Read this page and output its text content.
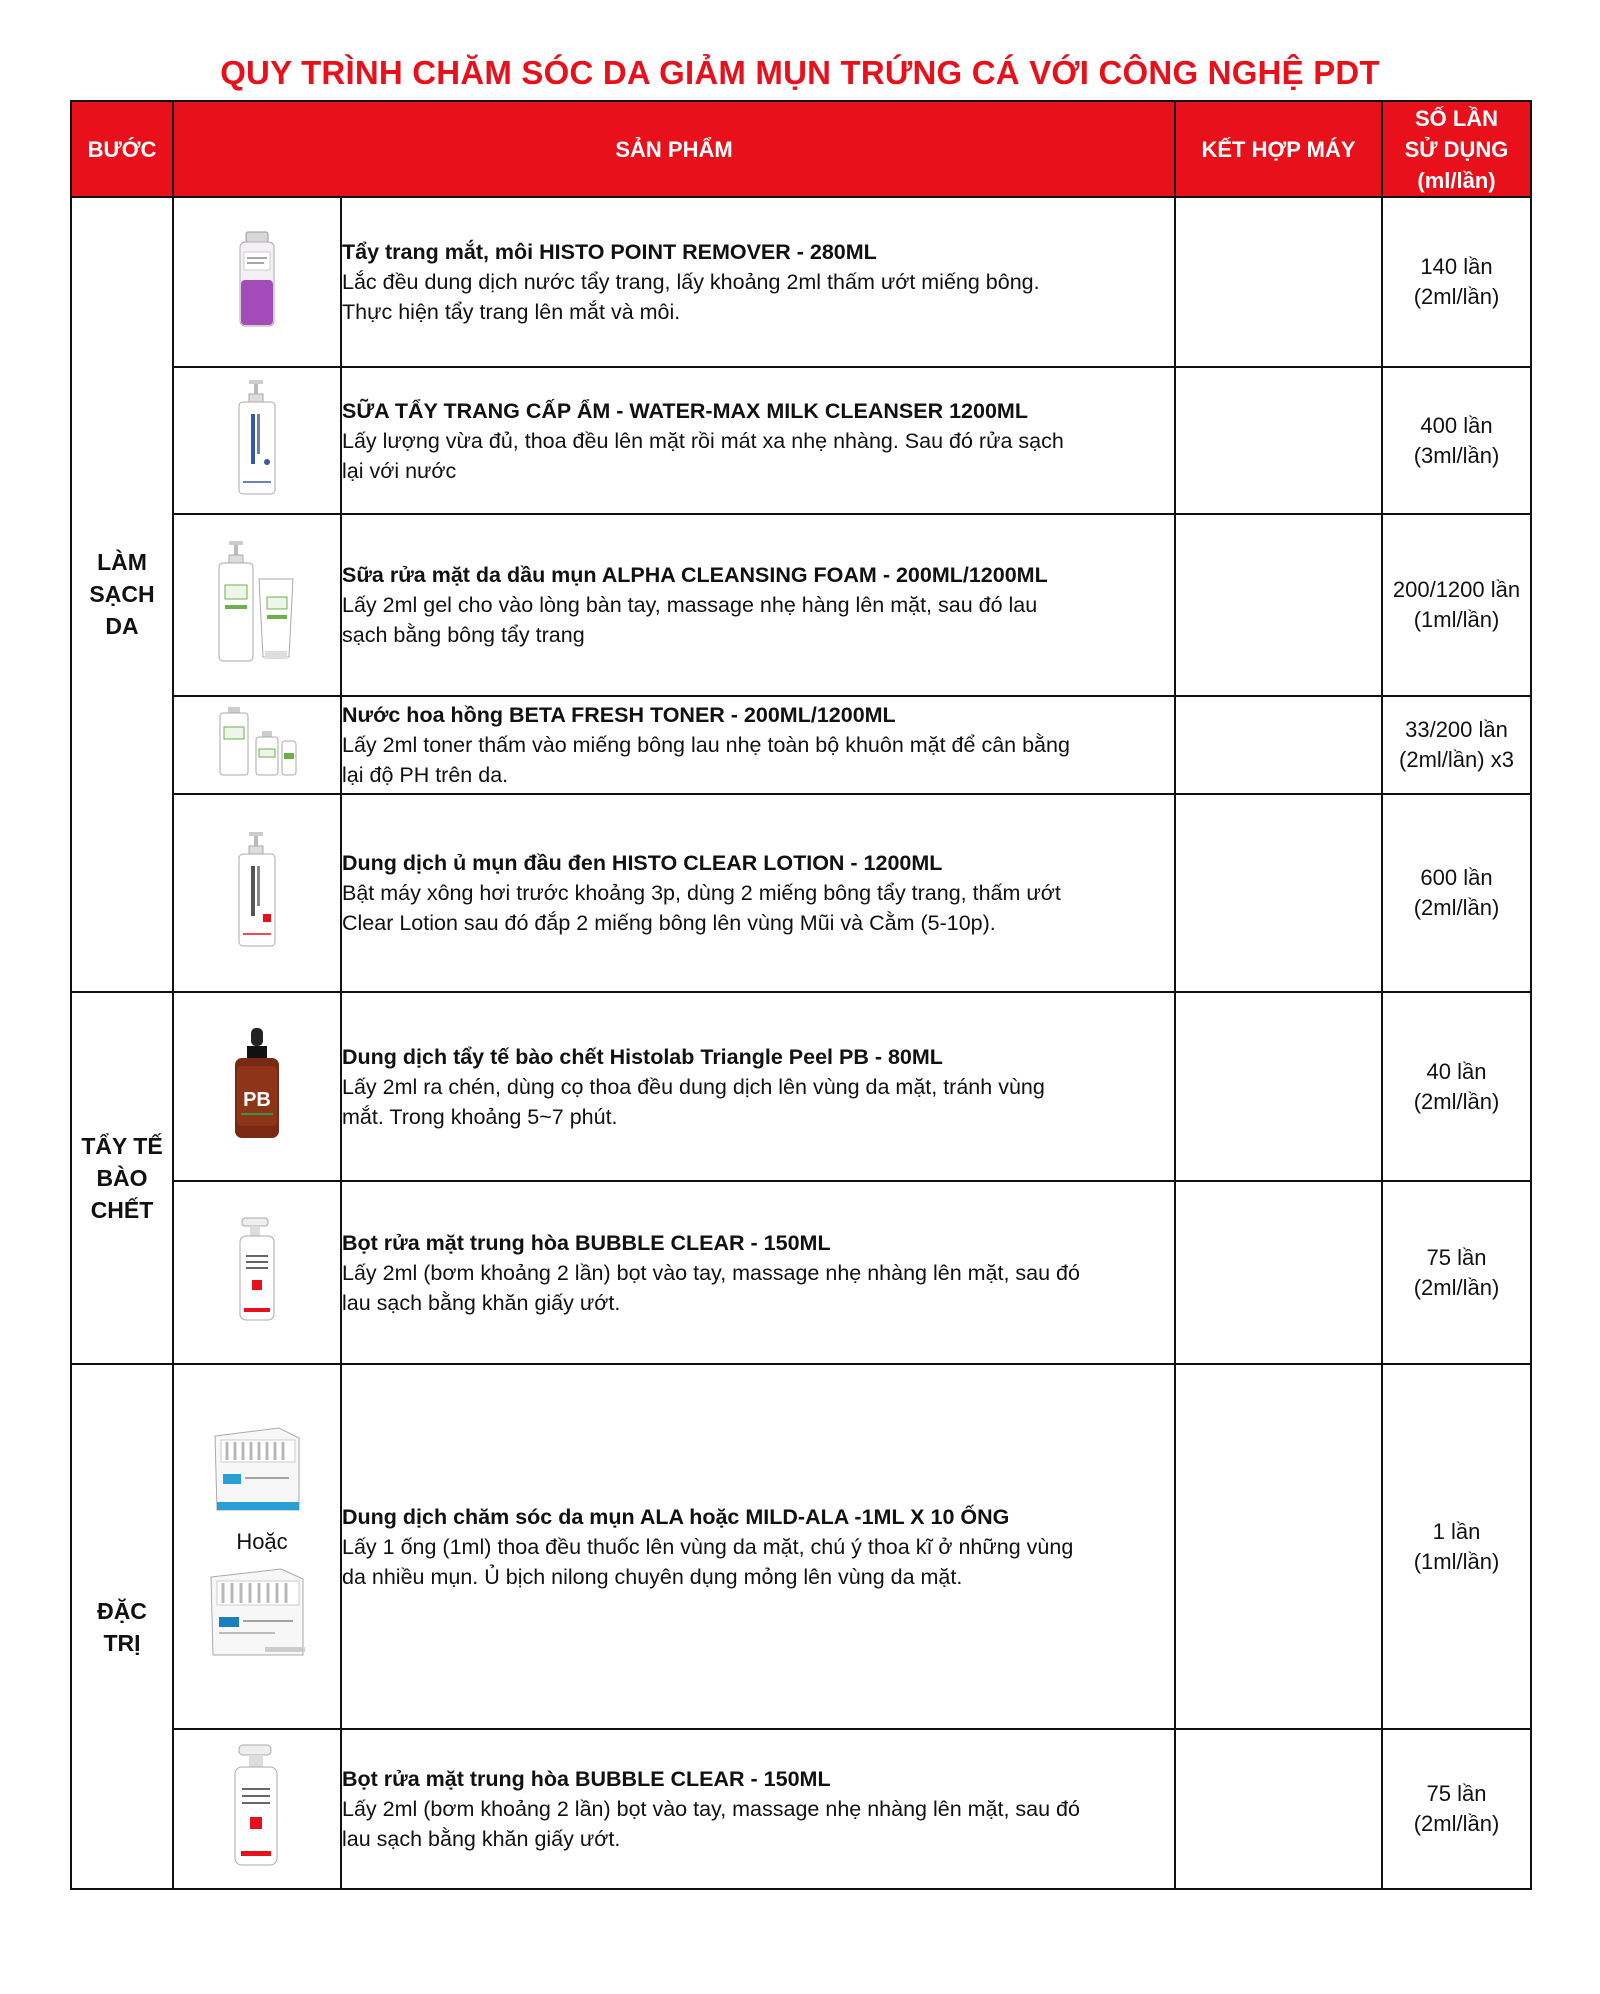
QUY TRÌNH CHĂM SÓC DA GIẢM MỤN TRỨNG CÁ VỚI CÔNG NGHỆ PDT
BƯỚC	SẢN PHẨM		KẾT HỢP MÁY	SỐ LẦN
SỬ DỤNG
(ml/lần)
LÀM
SẠCH
DA		Tẩy trang mắt, môi HISTO POINT REMOVER - 280ML
Lắc đều dung dịch nước tẩy trang, lấy khoảng 2ml thấm ướt miếng bông.
Thực hiện tẩy trang lên mắt và môi.		140 lần
(2ml/lần)

SỮA TẨY TRANG CẤP ẨM - WATER-MAX MILK CLEANSER 1200ML
Lấy lượng vừa đủ, thoa đều lên mặt rồi mát xa nhẹ nhàng. Sau đó rửa sạch
lại với nước		400 lần
(3ml/lần)

Sữa rửa mặt da dầu mụn ALPHA CLEANSING FOAM - 200ML/1200ML
Lấy 2ml gel cho vào lòng bàn tay, massage nhẹ hàng lên mặt, sau đó lau
sạch bằng bông tẩy trang		200/1200 lần
(1ml/lần)

Nước hoa hồng BETA FRESH TONER - 200ML/1200ML
Lấy 2ml toner thấm vào miếng bông lau nhẹ toàn bộ khuôn mặt để cân bằng
lại độ PH trên da.		33/200 lần
(2ml/lần) x3

Dung dịch ủ mụn đầu đen HISTO CLEAR LOTION - 1200ML
Bật máy xông hơi trước khoảng 3p, dùng 2 miếng bông tẩy trang, thấm ướt
Clear Lotion sau đó đắp 2 miếng bông lên vùng Mũi và Cằm (5-10p).		600 lần
(2ml/lần)
TẨY TẾ
BÀO
CHẾT	PB	Dung dịch tẩy tế bào chết Histolab Triangle Peel PB - 80ML
Lấy 2ml ra chén, dùng cọ thoa đều dung dịch lên vùng da mặt, tránh vùng
mắt. Trong khoảng 5~7 phút.		40 lần
(2ml/lần)

Bọt rửa mặt trung hòa BUBBLE CLEAR - 150ML
Lấy 2ml (bơm khoảng 2 lần) bọt vào tay, massage nhẹ nhàng lên mặt, sau đó
lau sạch bằng khăn giấy ướt.		75 lần
(2ml/lần)
ĐẶC
TRỊ	Hoặc	Dung dịch chăm sóc da mụn ALA hoặc MILD-ALA -1ML X 10 ỐNG
Lấy 1 ống (1ml) thoa đều thuốc lên vùng da mặt, chú ý thoa kĩ ở những vùng
da nhiều mụn. Ủ bịch nilong chuyên dụng mỏng lên vùng da mặt.		1 lần
(1ml/lần)

Bọt rửa mặt trung hòa BUBBLE CLEAR - 150ML
Lấy 2ml (bơm khoảng 2 lần) bọt vào tay, massage nhẹ nhàng lên mặt, sau đó
lau sạch bằng khăn giấy ướt.		75 lần
(2ml/lần)
